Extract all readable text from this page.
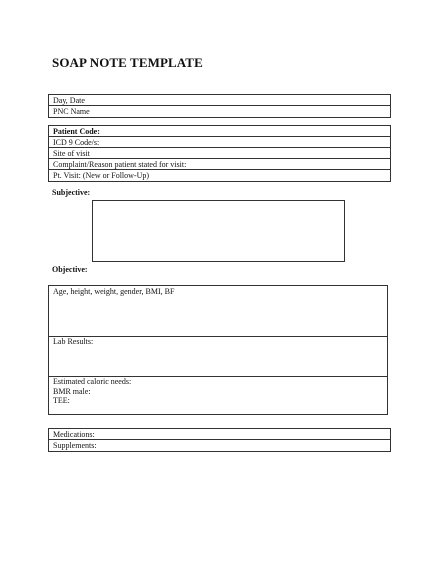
SOAP NOTE TEMPLATE
Day, Date
PNC Name
Patient Code:
ICD 9 Code/s:
Site of visit
Complaint/Reason patient stated for visit:
Pt. Visit: (New or Follow-Up)
Subjective:
Objective:
Age, height, weight, gender, BMI, BF
Lab Results:
Estimated caloric needs:
BMR male:
TEE:
Medications:
Supplements:
